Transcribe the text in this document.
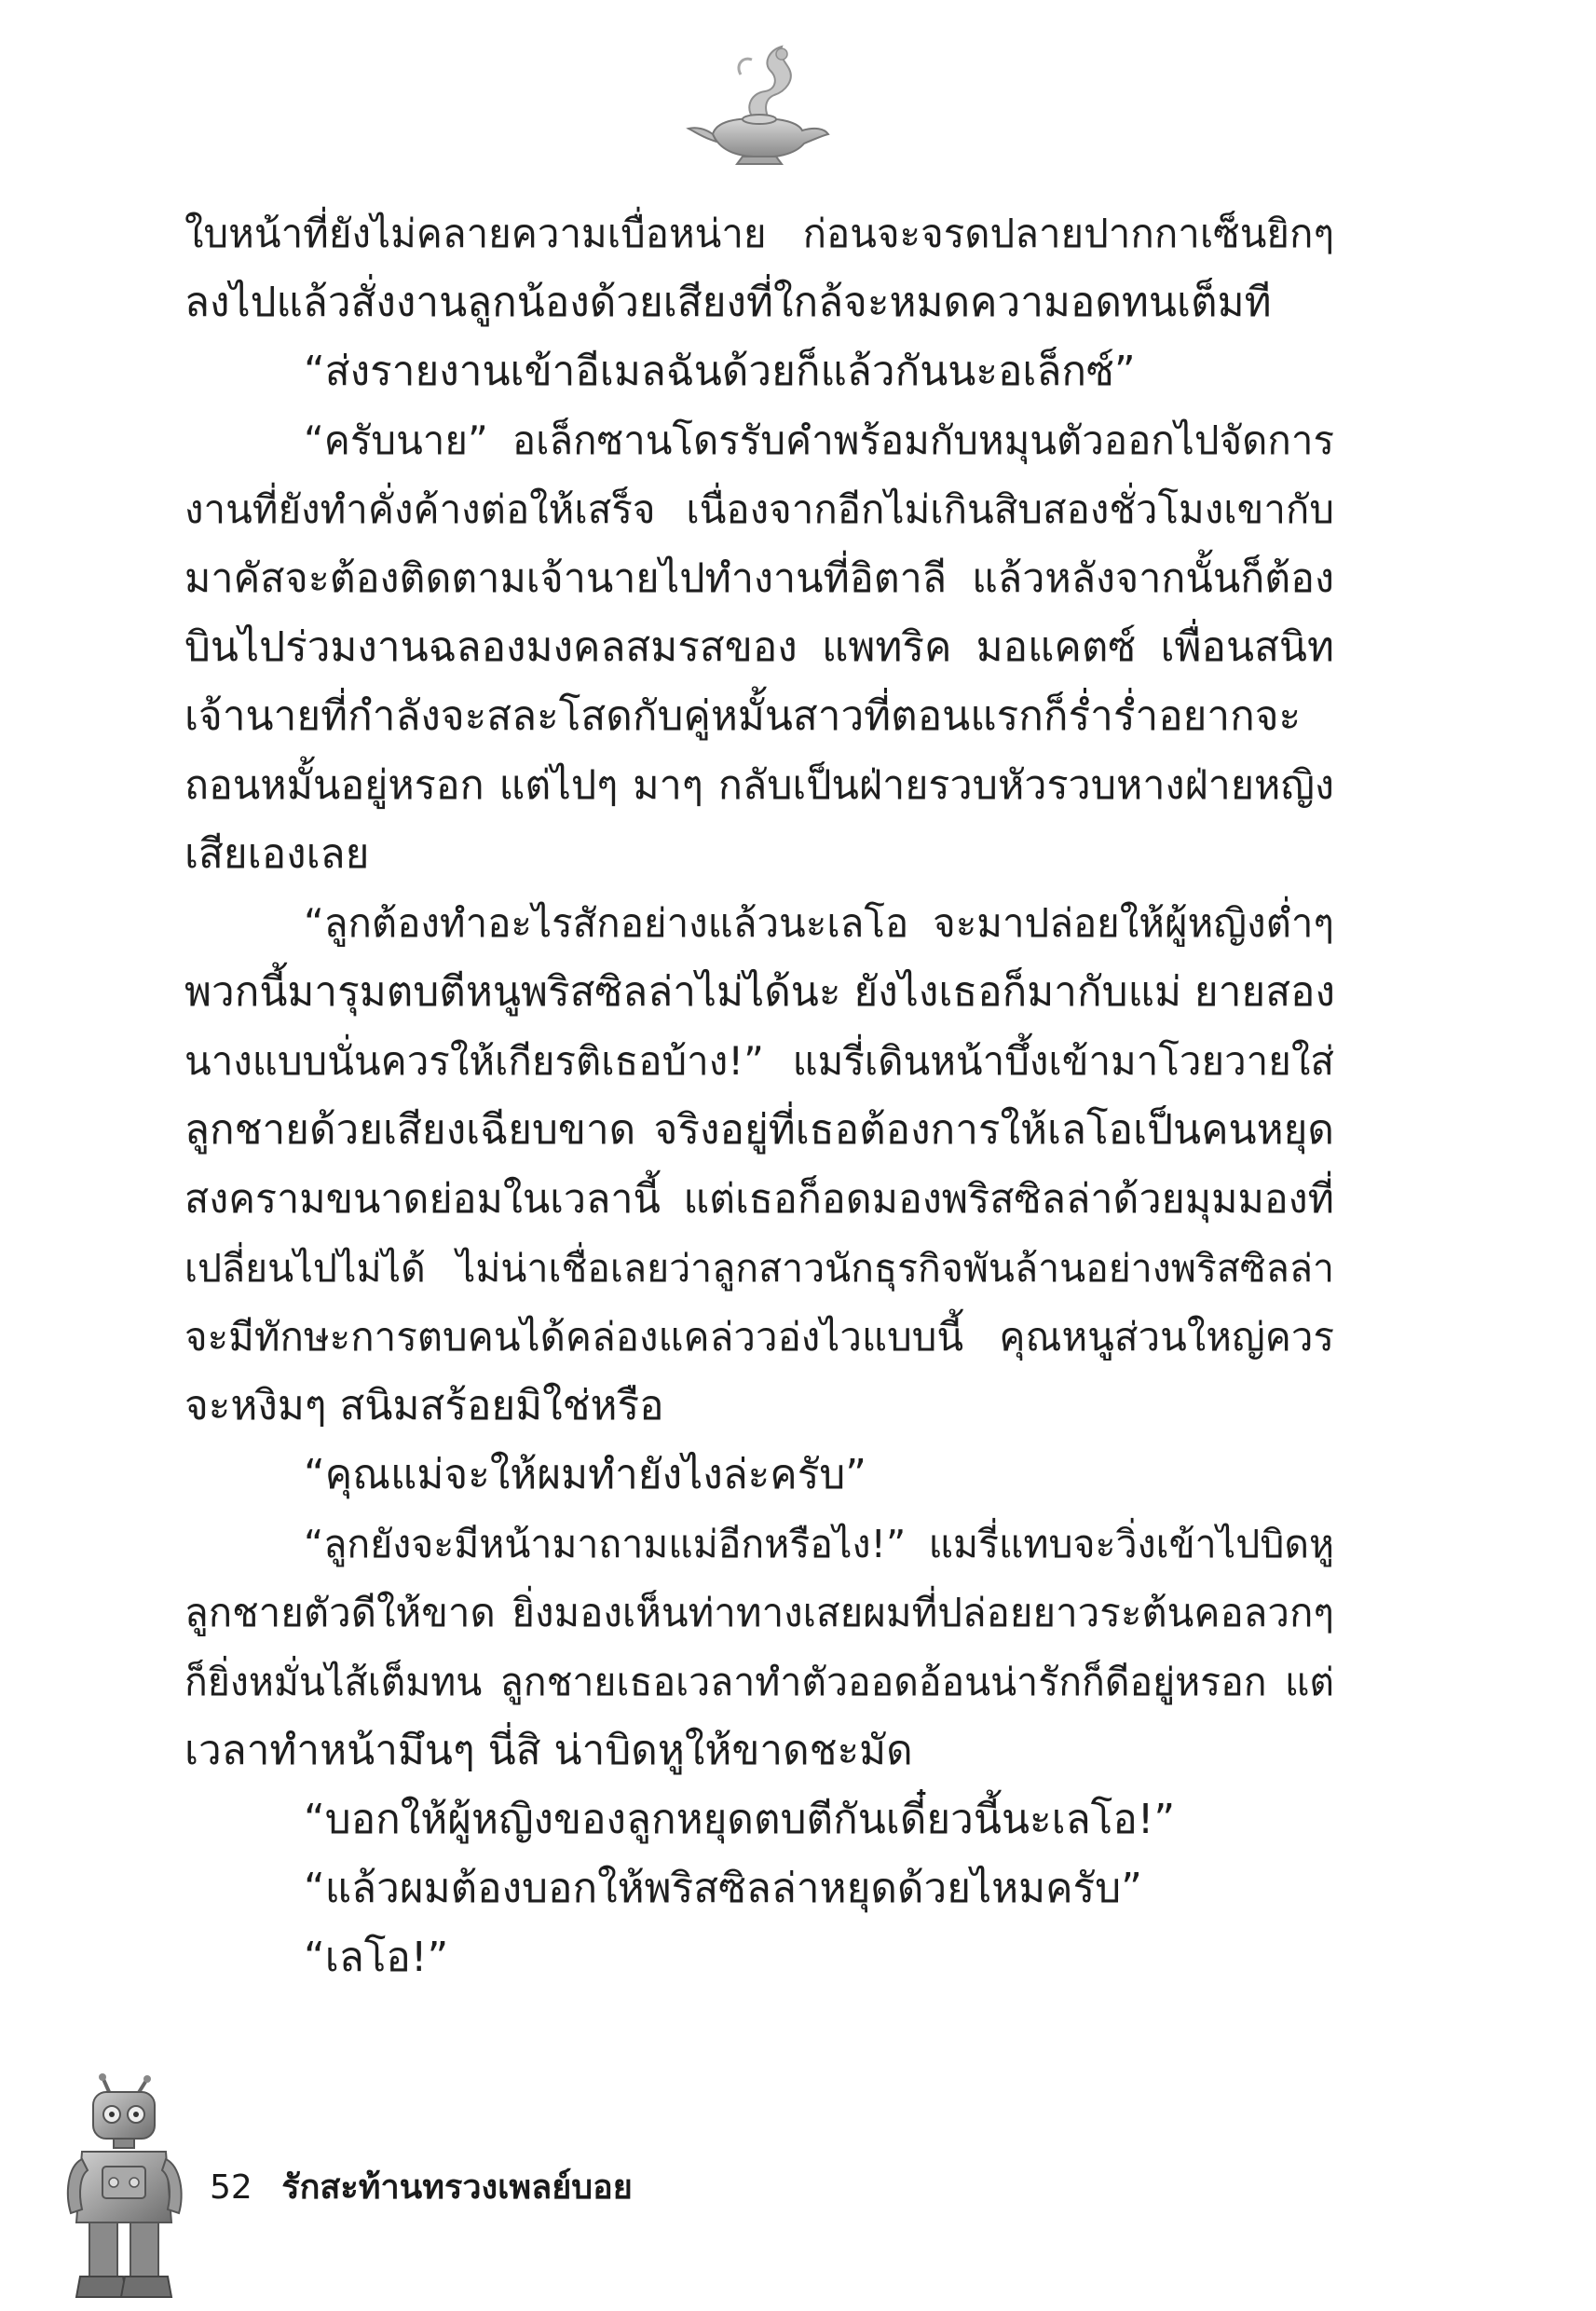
ใบหน้าที่ยังไม่คลายความเบื่อหน่าย ก่อนจะจรดปลายปากกาเซ็นยิกๆ
ลงไปแล้วสั่งงานลูกน้องด้วยเสียงที่ใกล้จะหมดความอดทนเต็มที
“ส่งรายงานเข้าอีเมลฉันด้วยก็แล้วกันนะอเล็กซ์”
“ครับนาย” อเล็กซานโดรรับคำพร้อมกับหมุนตัวออกไปจัดการ
งานที่ยังทำคั่งค้างต่อให้เสร็จ เนื่องจากอีกไม่เกินสิบสองชั่วโมงเขากับ
มาคัสจะต้องติดตามเจ้านายไปทำงานที่อิตาลี แล้วหลังจากนั้นก็ต้อง
บินไปร่วมงานฉลองมงคลสมรสของ แพทริค มอแคตซ์ เพื่อนสนิท
เจ้านายที่กำลังจะสละโสดกับคู่หมั้นสาวที่ตอนแรกก็ร่ำร่ำอยากจะ
ถอนหมั้นอยู่หรอก แต่ไปๆ มาๆ กลับเป็นฝ่ายรวบหัวรวบหางฝ่ายหญิง
เสียเองเลย
“ลูกต้องทำอะไรสักอย่างแล้วนะเลโอ จะมาปล่อยให้ผู้หญิงต่ำๆ
พวกนี้มารุมตบตีหนูพริสซิลล่าไม่ได้นะ ยังไงเธอก็มากับแม่ ยายสอง
นางแบบนั่นควรให้เกียรติเธอบ้าง!” แมรี่เดินหน้าบึ้งเข้ามาโวยวายใส่
ลูกชายด้วยเสียงเฉียบขาด จริงอยู่ที่เธอต้องการให้เลโอเป็นคนหยุด
สงครามขนาดย่อมในเวลานี้ แต่เธอก็อดมองพริสซิลล่าด้วยมุมมองที่
เปลี่ยนไปไม่ได้ ไม่น่าเชื่อเลยว่าลูกสาวนักธุรกิจพันล้านอย่างพริสซิลล่า
จะมีทักษะการตบคนได้คล่องแคล่ววอ่งไวแบบนี้ คุณหนูส่วนใหญ่ควร
จะหงิมๆ สนิมสร้อยมิใช่หรือ
“คุณแม่จะให้ผมทำยังไงล่ะครับ”
“ลูกยังจะมีหน้ามาถามแม่อีกหรือไง!” แมรี่แทบจะวิ่งเข้าไปบิดหู
ลูกชายตัวดีให้ขาด ยิ่งมองเห็นท่าทางเสยผมที่ปล่อยยาวระต้นคอลวกๆ
ก็ยิ่งหมั่นไส้เต็มทน ลูกชายเธอเวลาทำตัวออดอ้อนน่ารักก็ดีอยู่หรอก แต่
เวลาทำหน้ามึนๆ นี่สิ น่าบิดหูให้ขาดชะมัด
“บอกให้ผู้หญิงของลูกหยุดตบตีกันเดี๋ยวนี้นะเลโอ!”
“แล้วผมต้องบอกให้พริสซิลล่าหยุดด้วยไหมครับ”
“เลโอ!”
52 รักสะท้านทรวงเพลย์บอย
